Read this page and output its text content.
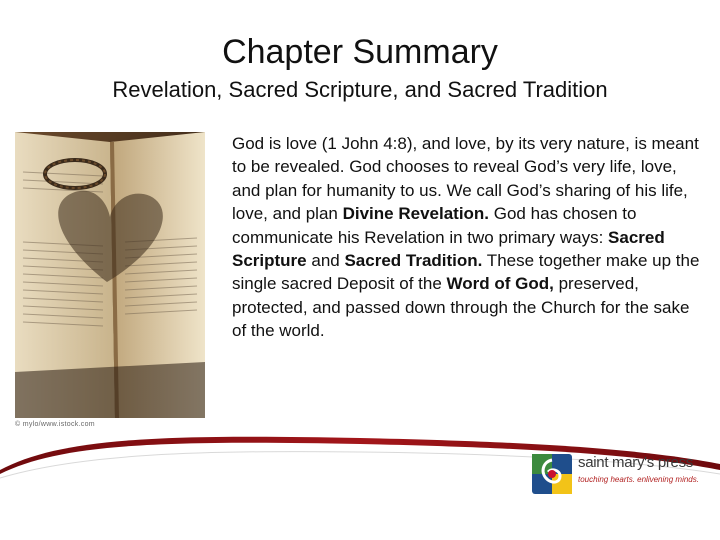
Chapter Summary
Revelation, Sacred Scripture, and Sacred Tradition
© mylo/www.istock.com

God is love (1 John 4:8), and love, by its very nature, is meant to be revealed. God chooses to reveal God’s very life, love, and plan for humanity to us. We call God’s sharing of his life, love, and plan Divine Revelation. God has chosen to communicate his Revelation in two primary ways: Sacred Scripture and Sacred Tradition. These together make up the single sacred Deposit of the Word of God, preserved, protected, and passed down through the Church for the sake of the world.

saint mary's press
touching hearts. enlivening minds.
